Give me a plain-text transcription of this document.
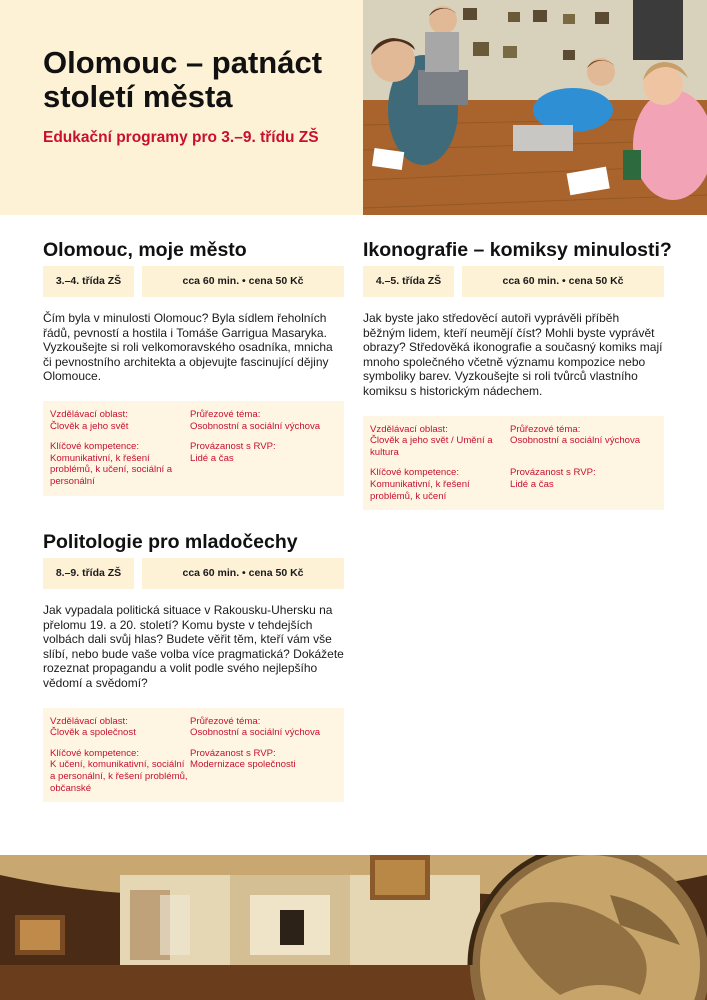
Olomouc – patnáct století města
Edukační programy pro 3.–9. třídu ZŠ
Olomouc, moje město
3.–4. třída ZŠ	cca 60 min. • cena 50 Kč

Čím byla v minulosti Olomouc? Byla sídlem řeholních řádů, pevností a hostila i Tomáše Garriguа Masaryka. Vyzkoušejte si roli velkomoravského osadníka, mnicha či pevnostního architekta a objevujte fascinující dějiny Olomouce.

Vzdělávací oblast:
Člověk a jeho svět
Průřezové téma:
Osobnostní a sociální výchova
Klíčové kompetence:
Komunikativní, k řešení problémů, k učení, sociální a personální
Provázanost s RVP:
Lidé a čas
Ikonografie – komiksy minulosti?
4.–5. třída ZŠ	cca 60 min. • cena 50 Kč

Jak byste jako středověcí autoři vyprávěli příběh běžným lidem, kteří neumějí číst? Mohli byste vyprávět obrazy? Středověká ikonografie a současný komiks mají mnoho společného včetně významu kompozice nebo symboliky barev. Vyzkoušejte si roli tvůrců vlastního komiksu s historickým nádechem.

Vzdělávací oblast:
Člověk a jeho svět / Umění a kultura
Průřezové téma:
Osobnostní a sociální výchova
Klíčové kompetence:
Komunikativní, k řešení problémů, k učení
Provázanost s RVP:
Lidé a čas
Politologie pro mladočechy
8.–9. třída ZŠ	cca 60 min. • cena 50 Kč

Jak vypadala politická situace v Rakousku-Uhersku na přelomu 19. a 20. století? Komu byste v tehdejších volbách dali svůj hlas? Budete věřit těm, kteří vám vše slíbí, nebo bude vaše volba více pragmatická? Dokážete rozeznat propagandu a volit podle svého nejlepšího vědomí a svědomí?

Vzdělávací oblast:
Člověk a společnost
Průřezové téma:
Osobnostní a sociální výchova
Klíčové kompetence:
K učení, komunikativní, sociální a personální, k řešení problémů, občanské
Provázanost s RVP:
Modernizace společnosti
